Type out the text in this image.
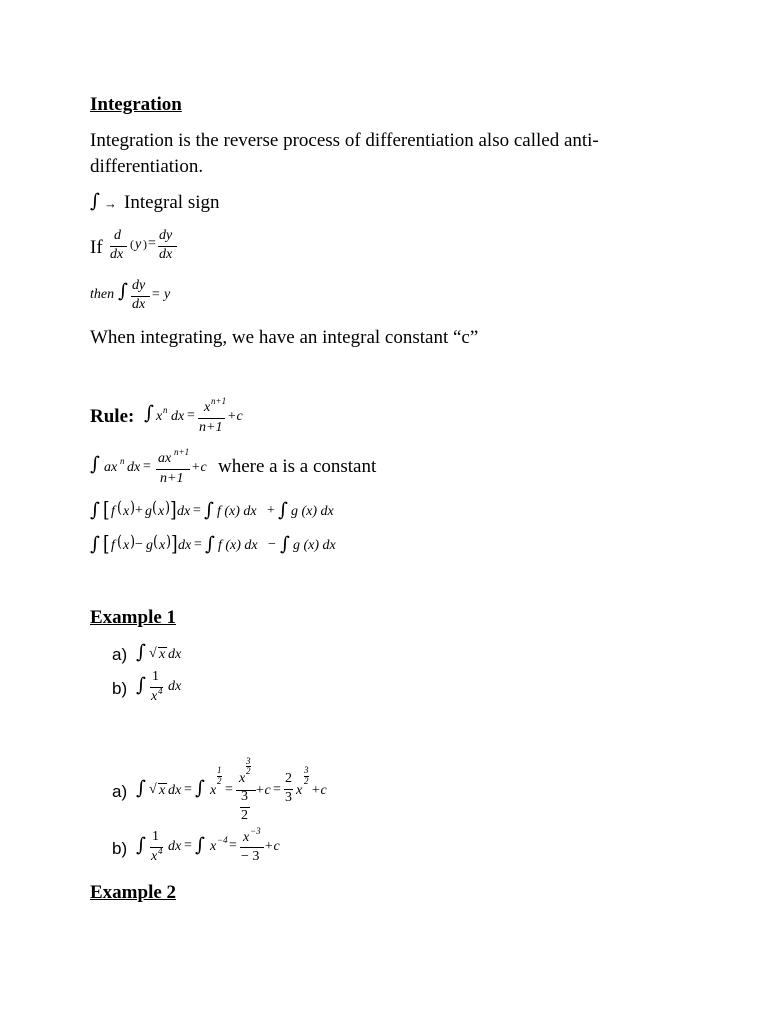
Integration
Integration is the reverse process of differentiation also called anti-
differentiation.
∫ → Integral sign
If
d
dx
( y ) =
dy
dx
then ∫ dy
dx
= y
When integrating, we have an integral constant “c”
Rule: ∫ x n dx =
x n+1
n+1
+c
∫ ax n dx =
ax n+1
n+1
+c where a is a constant
∫ [ f ( x ) + g ( x ) ] dx = ∫ f (x) dx + ∫ g (x) dx
∫ [ f ( x ) − g ( x ) ] dx = ∫ f (x) dx − ∫ g (x) dx
Example 1
a) ∫ √ x dx
b) ∫ 1
x 4 dx
a) ∫ √ x dx = ∫ x
1
2
=
x
3
2
3
2
+c =
2
3 x
3
2
+c
b) ∫ 1
x 4 dx = ∫ x −4 =
x −3
− 3
+c
Example 2
